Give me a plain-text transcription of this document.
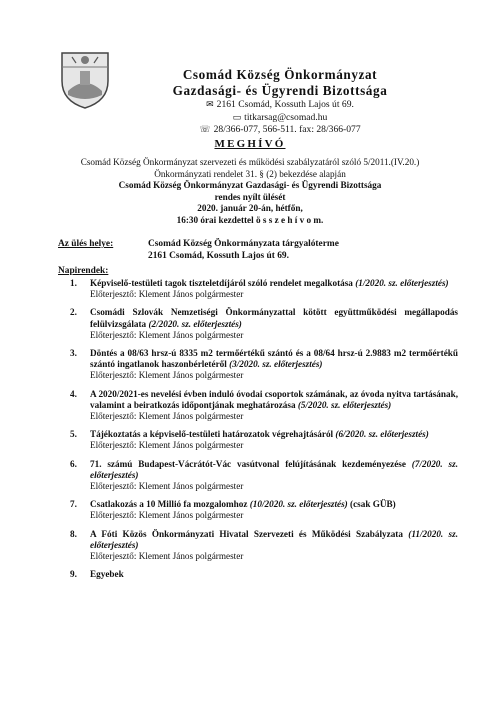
Csomád Község Önkormányzat
Gazdasági- és Ügyrendi Bizottsága
✉ 2161 Csomád, Kossuth Lajos út 69.
▭ titkarsag@csomad.hu
☏ 28/366-077, 566-511. fax: 28/366-077
MEGHÍVÓ
Csomád Község Önkormányzat szervezeti és működési szabályzatáról szóló 5/2011.(IV.20.)
Önkormányzati rendelet 31. § (2) bekezdése alapján
Csomád Község Önkormányzat Gazdasági- és Ügyrendi Bizottsága
rendes nyílt ülését
2020. január 20-án, hétfőn,
16:30 órai kezdettel ö s s z e h í v o m.
Az ülés helye:	Csomád Község Önkormányzata tárgyalóterme
2161 Csomád, Kossuth Lajos út 69.
Napirendek:
1. Képviselő-testületi tagok tiszteletdíjáról szóló rendelet megalkotása (1/2020. sz. előterjesztés)
Előterjesztő: Klement János polgármester
2. Csomádi Szlovák Nemzetiségi Önkormányzattal kötött együttműködési megállapodás felülvizsgálata (2/2020. sz. előterjesztés)
Előterjesztő: Klement János polgármester
3. Döntés a 08/63 hrsz-ú 8335 m2 termőértékű szántó és a 08/64 hrsz-ú 2.9883 m2 termőértékű szántó ingatlanok haszonbérletéről (3/2020. sz. előterjesztés)
Előterjesztő: Klement János polgármester
4. A 2020/2021-es nevelési évben induló óvodai csoportok számának, az óvoda nyitva tartásának, valamint a beiratkozás időpontjának meghatározása (5/2020. sz. előterjesztés)
Előterjesztő: Klement János polgármester
5. Tájékoztatás a képviselő-testületi határozatok végrehajtásáról (6/2020. sz. előterjesztés)
Előterjesztő: Klement János polgármester
6. 71. számú Budapest-Vácrátót-Vác vasútvonal felújításának kezdeményezése (7/2020. sz. előterjesztés)
Előterjesztő: Klement János polgármester
7. Csatlakozás a 10 Millió fa mozgalomhoz (10/2020. sz. előterjesztés) (csak GÜB)
Előterjesztő: Klement János polgármester
8. A Fóti Közös Önkormányzati Hivatal Szervezeti és Működési Szabályzata (11/2020. sz. előterjesztés)
Előterjesztő: Klement János polgármester
9. Egyebek
